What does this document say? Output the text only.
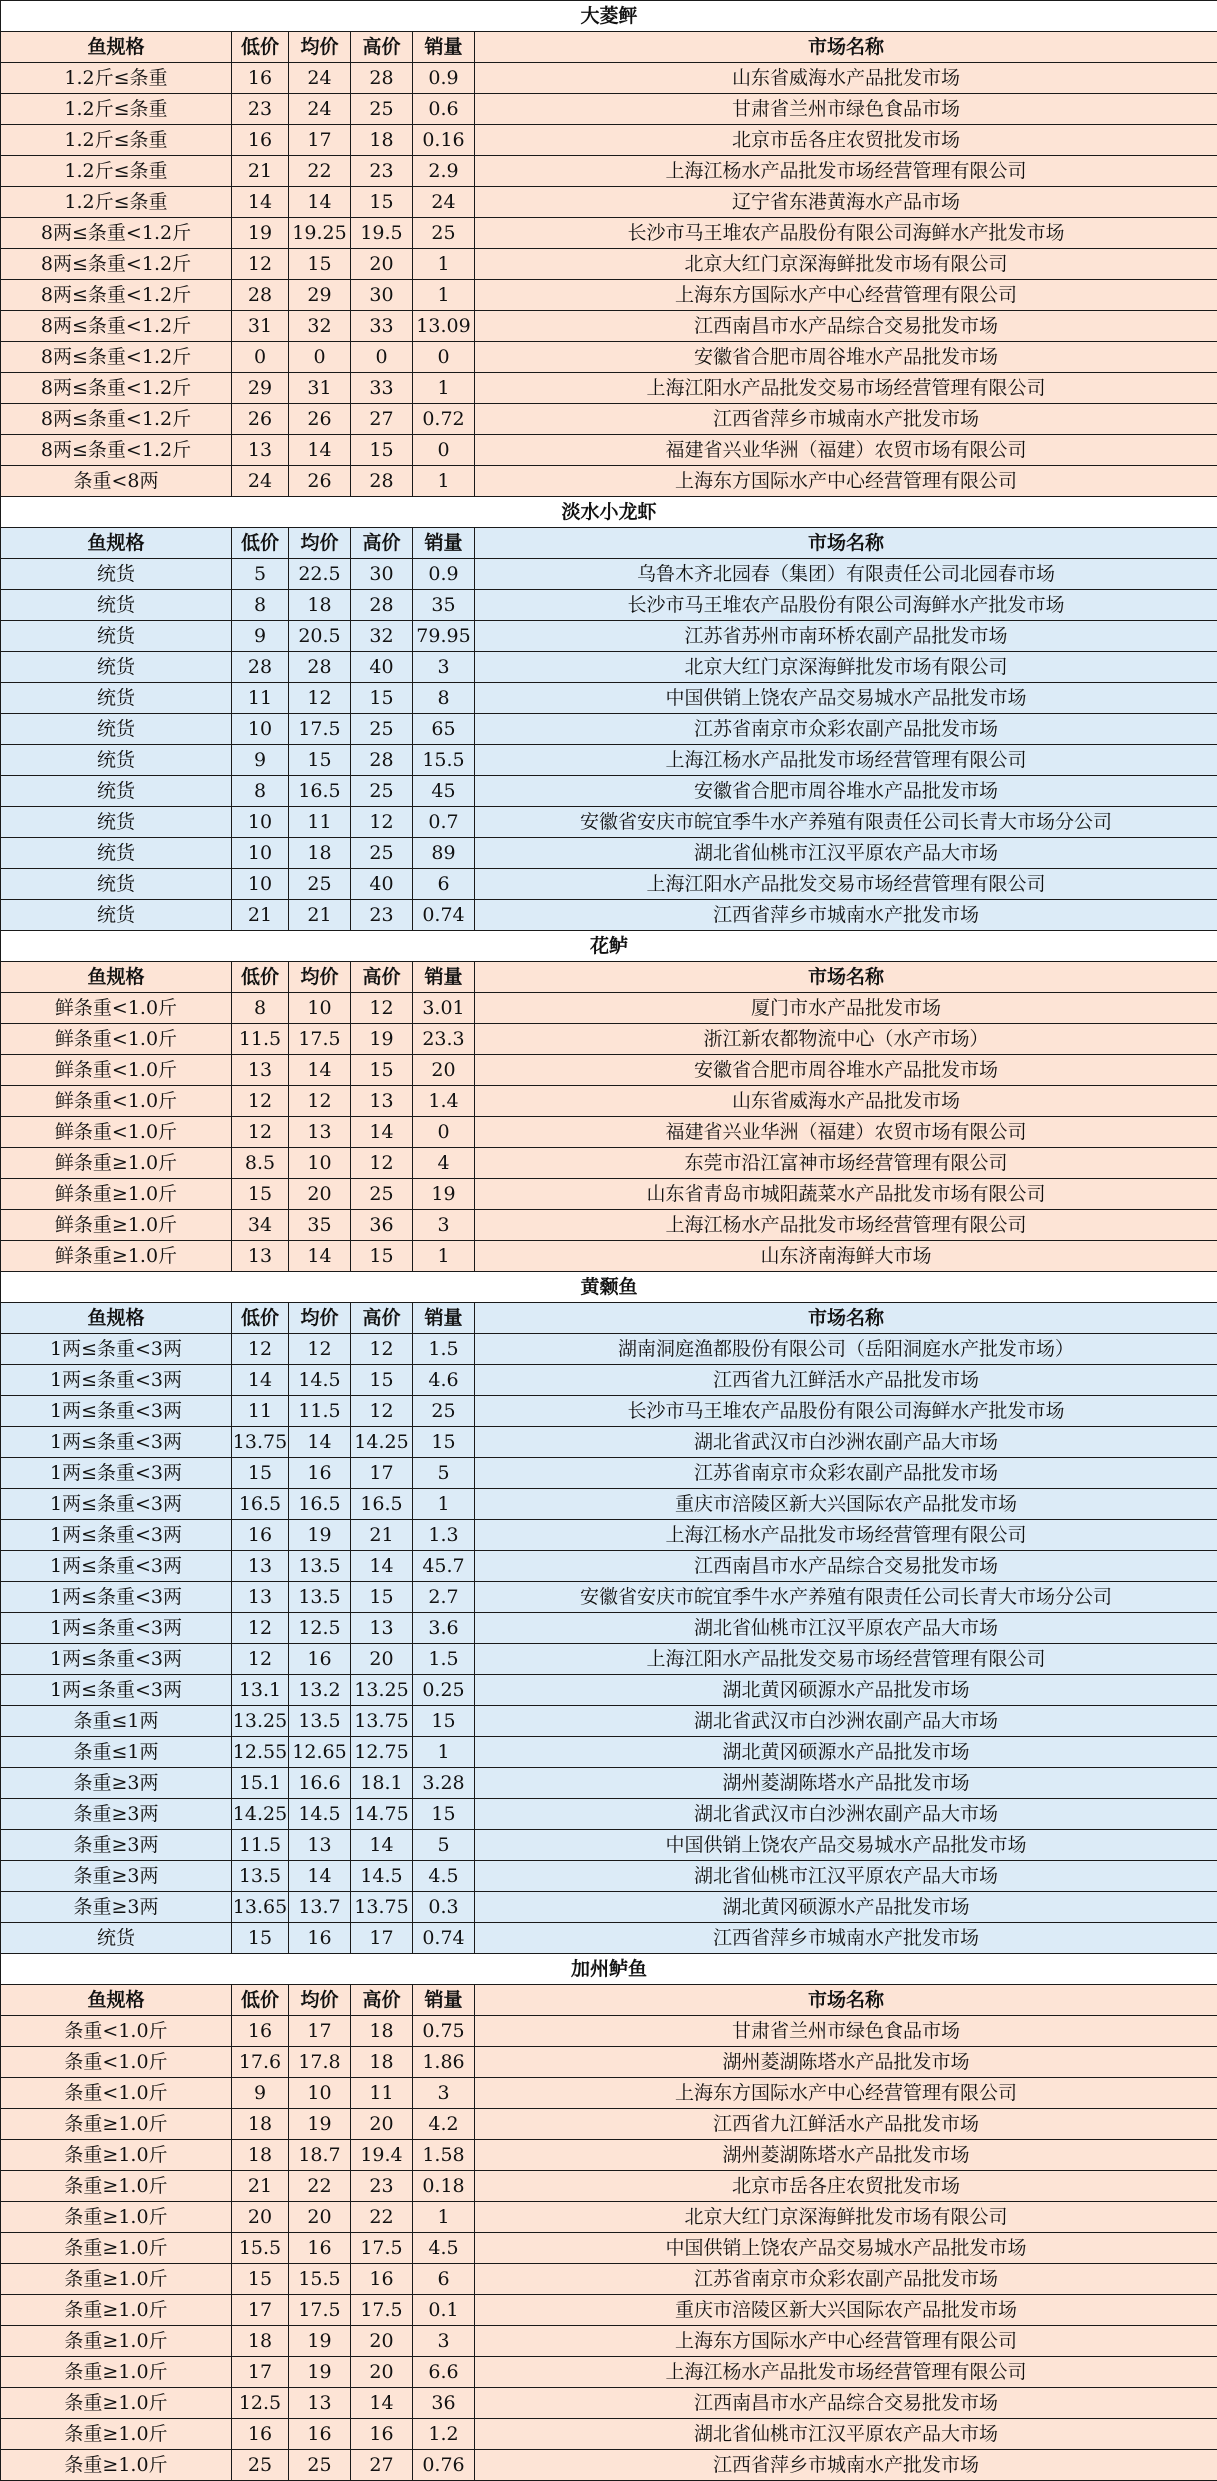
大菱鲆					
鱼规格	低价	均价	高价	销量	市场名称
1.2斤≤条重	16	24	28	0.9	山东省威海水产品批发市场
1.2斤≤条重	23	24	25	0.6	甘肃省兰州市绿色食品市场
1.2斤≤条重	16	17	18	0.16	北京市岳各庄农贸批发市场
1.2斤≤条重	21	22	23	2.9	上海江杨水产品批发市场经营管理有限公司
1.2斤≤条重	14	14	15	24	辽宁省东港黄海水产品市场
8两≤条重<1.2斤	19	19.25	19.5	25	长沙市马王堆农产品股份有限公司海鲜水产批发市场
8两≤条重<1.2斤	12	15	20	1	北京大红门京深海鲜批发市场有限公司
8两≤条重<1.2斤	28	29	30	1	上海东方国际水产中心经营管理有限公司
8两≤条重<1.2斤	31	32	33	13.09	江西南昌市水产品综合交易批发市场
8两≤条重<1.2斤	0	0	0	0	安徽省合肥市周谷堆水产品批发市场
8两≤条重<1.2斤	29	31	33	1	上海江阳水产品批发交易市场经营管理有限公司
8两≤条重<1.2斤	26	26	27	0.72	江西省萍乡市城南水产批发市场
8两≤条重<1.2斤	13	14	15	0	福建省兴业华洲（福建）农贸市场有限公司
条重<8两	24	26	28	1	上海东方国际水产中心经营管理有限公司
淡水小龙虾					
鱼规格	低价	均价	高价	销量	市场名称
统货	5	22.5	30	0.9	乌鲁木齐北园春（集团）有限责任公司北园春市场
统货	8	18	28	35	长沙市马王堆农产品股份有限公司海鲜水产批发市场
统货	9	20.5	32	79.95	江苏省苏州市南环桥农副产品批发市场
统货	28	28	40	3	北京大红门京深海鲜批发市场有限公司
统货	11	12	15	8	中国供销上饶农产品交易城水产品批发市场
统货	10	17.5	25	65	江苏省南京市众彩农副产品批发市场
统货	9	15	28	15.5	上海江杨水产品批发市场经营管理有限公司
统货	8	16.5	25	45	安徽省合肥市周谷堆水产品批发市场
统货	10	11	12	0.7	安徽省安庆市皖宜季牛水产养殖有限责任公司长青大市场分公司
统货	10	18	25	89	湖北省仙桃市江汉平原农产品大市场
统货	10	25	40	6	上海江阳水产品批发交易市场经营管理有限公司
统货	21	21	23	0.74	江西省萍乡市城南水产批发市场
花鲈					
鱼规格	低价	均价	高价	销量	市场名称
鲜条重<1.0斤	8	10	12	3.01	厦门市水产品批发市场
鲜条重<1.0斤	11.5	17.5	19	23.3	浙江新农都物流中心（水产市场）
鲜条重<1.0斤	13	14	15	20	安徽省合肥市周谷堆水产品批发市场
鲜条重<1.0斤	12	12	13	1.4	山东省威海水产品批发市场
鲜条重<1.0斤	12	13	14	0	福建省兴业华洲（福建）农贸市场有限公司
鲜条重≥1.0斤	8.5	10	12	4	东莞市沿江富神市场经营管理有限公司
鲜条重≥1.0斤	15	20	25	19	山东省青岛市城阳蔬菜水产品批发市场有限公司
鲜条重≥1.0斤	34	35	36	3	上海江杨水产品批发市场经营管理有限公司
鲜条重≥1.0斤	13	14	15	1	山东济南海鲜大市场
黄颡鱼					
鱼规格	低价	均价	高价	销量	市场名称
1两≤条重<3两	12	12	12	1.5	湖南洞庭渔都股份有限公司（岳阳洞庭水产批发市场）
1两≤条重<3两	14	14.5	15	4.6	江西省九江鲜活水产品批发市场
1两≤条重<3两	11	11.5	12	25	长沙市马王堆农产品股份有限公司海鲜水产批发市场
1两≤条重<3两	13.75	14	14.25	15	湖北省武汉市白沙洲农副产品大市场
1两≤条重<3两	15	16	17	5	江苏省南京市众彩农副产品批发市场
1两≤条重<3两	16.5	16.5	16.5	1	重庆市涪陵区新大兴国际农产品批发市场
1两≤条重<3两	16	19	21	1.3	上海江杨水产品批发市场经营管理有限公司
1两≤条重<3两	13	13.5	14	45.7	江西南昌市水产品综合交易批发市场
1两≤条重<3两	13	13.5	15	2.7	安徽省安庆市皖宜季牛水产养殖有限责任公司长青大市场分公司
1两≤条重<3两	12	12.5	13	3.6	湖北省仙桃市江汉平原农产品大市场
1两≤条重<3两	12	16	20	1.5	上海江阳水产品批发交易市场经营管理有限公司
1两≤条重<3两	13.1	13.2	13.25	0.25	湖北黄冈硕源水产品批发市场
条重≤1两	13.25	13.5	13.75	15	湖北省武汉市白沙洲农副产品大市场
条重≤1两	12.55	12.65	12.75	1	湖北黄冈硕源水产品批发市场
条重≥3两	15.1	16.6	18.1	3.28	湖州菱湖陈塔水产品批发市场
条重≥3两	14.25	14.5	14.75	15	湖北省武汉市白沙洲农副产品大市场
条重≥3两	11.5	13	14	5	中国供销上饶农产品交易城水产品批发市场
条重≥3两	13.5	14	14.5	4.5	湖北省仙桃市江汉平原农产品大市场
条重≥3两	13.65	13.7	13.75	0.3	湖北黄冈硕源水产品批发市场
统货	15	16	17	0.74	江西省萍乡市城南水产批发市场
加州鲈鱼					
鱼规格	低价	均价	高价	销量	市场名称
条重<1.0斤	16	17	18	0.75	甘肃省兰州市绿色食品市场
条重<1.0斤	17.6	17.8	18	1.86	湖州菱湖陈塔水产品批发市场
条重<1.0斤	9	10	11	3	上海东方国际水产中心经营管理有限公司
条重≥1.0斤	18	19	20	4.2	江西省九江鲜活水产品批发市场
条重≥1.0斤	18	18.7	19.4	1.58	湖州菱湖陈塔水产品批发市场
条重≥1.0斤	21	22	23	0.18	北京市岳各庄农贸批发市场
条重≥1.0斤	20	20	22	1	北京大红门京深海鲜批发市场有限公司
条重≥1.0斤	15.5	16	17.5	4.5	中国供销上饶农产品交易城水产品批发市场
条重≥1.0斤	15	15.5	16	6	江苏省南京市众彩农副产品批发市场
条重≥1.0斤	17	17.5	17.5	0.1	重庆市涪陵区新大兴国际农产品批发市场
条重≥1.0斤	18	19	20	3	上海东方国际水产中心经营管理有限公司
条重≥1.0斤	17	19	20	6.6	上海江杨水产品批发市场经营管理有限公司
条重≥1.0斤	12.5	13	14	36	江西南昌市水产品综合交易批发市场
条重≥1.0斤	16	16	16	1.2	湖北省仙桃市江汉平原农产品大市场
条重≥1.0斤	25	25	27	0.76	江西省萍乡市城南水产批发市场
